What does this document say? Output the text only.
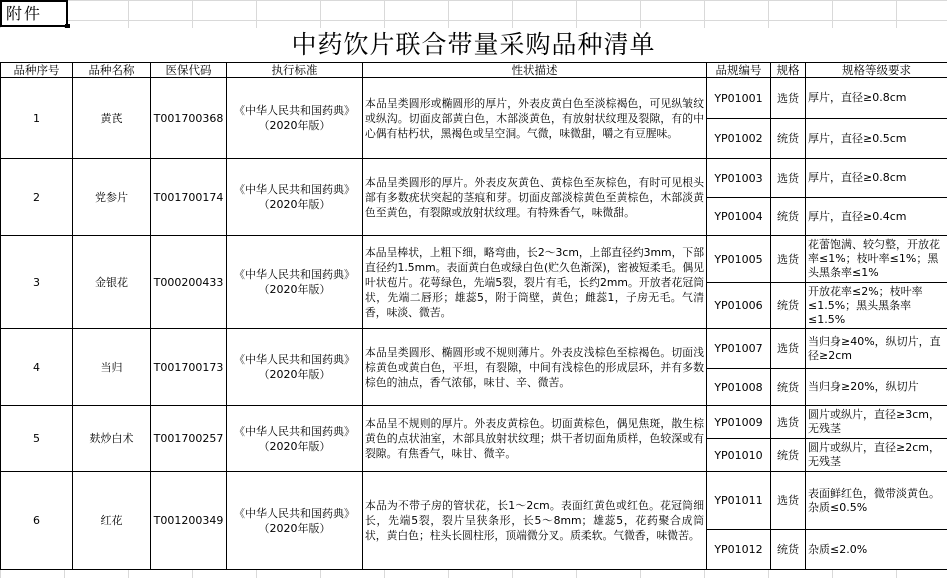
附件
中药饮片联合带量采购品种清单
品种序号	品种名称	医保代码	执行标准	性状描述	品规编号	规格	规格等级要求
1	黄芪	T001700368	《中华人民共和国药典》（2020年版）	本品呈类圆形或椭圆形的厚片，外表皮黄白色至淡棕褐色，可见纵皱纹或纵沟。切面皮部黄白色，木部淡黄色，有放射状纹理及裂隙，有的中心偶有枯朽状，黑褐色或呈空洞。气微，味微甜，嚼之有豆腥味。	YP01001	选货	厚片，直径≥0.8cm
					YP01002	统货	厚片，直径≥0.5cm
2	党参片	T001700174	《中华人民共和国药典》（2020年版）	本品呈类圆形的厚片。外表皮灰黄色、黄棕色至灰棕色，有时可见根头部有多数疣状突起的茎痕和芽。切面皮部淡棕黄色至黄棕色，木部淡黄色至黄色，有裂隙或放射状纹理。有特殊香气，味微甜。	YP01003	选货	厚片，直径≥0.8cm
					YP01004	统货	厚片，直径≥0.4cm
3	金银花	T000200433	《中华人民共和国药典》（2020年版）	本品呈棒状，上粗下细，略弯曲，长2～3cm，上部直径约3mm，下部直径约1.5mm。表面黄白色或绿白色(贮久色渐深)，密被短柔毛。偶见叶状苞片。花萼绿色，先端5裂，裂片有毛，长约2mm。开放者花冠筒状，先端二唇形；雄蕊5，附于筒壁，黄色；雌蕊1，子房无毛。气清香，味淡、微苦。	YP01005	选货	花蕾饱满、较匀整，开放花率≤1%；枝叶率≤1%；黑头黑条率≤1%
					YP01006	统货	开放花率≤2%；枝叶率≤1.5%；黑头黑条率≤1.5%
4	当归	T001700173	《中华人民共和国药典》（2020年版）	本品呈类圆形、椭圆形或不规则薄片。外表皮浅棕色至棕褐色。切面浅棕黄色或黄白色，平坦，有裂隙，中间有浅棕色的形成层环，并有多数棕色的油点，香气浓郁，味甘、辛、微苦。	YP01007	选货	当归身≥40%，纵切片，直径≥2cm
					YP01008	统货	当归身≥20%，纵切片
5	麸炒白术	T001700257	《中华人民共和国药典》（2020年版）	本品呈不规则的厚片。外表皮黄棕色。切面黄棕色，偶见焦斑，散生棕黄色的点状油室，木部具放射状纹理；烘干者切面角质样，色较深或有裂隙。有焦香气，味甘、微辛。	YP01009	选货	圆片或纵片，直径≥3cm，无残茎
					YP01010	统货	圆片或纵片，直径≥2cm，无残茎
6	红花	T001200349	《中华人民共和国药典》（2020年版）	本品为不带子房的管状花，长1～2cm。表面红黄色或红色。花冠筒细长，先端5裂，裂片呈狭条形，长5～8mm；雄蕊5，花药聚合成筒状，黄白色；柱头长圆柱形，顶端微分叉。质柔软。气微香，味微苦。	YP01011	选货	表面鲜红色，微带淡黄色。杂质≤0.5%
					YP01012	统货	杂质≤2.0%
